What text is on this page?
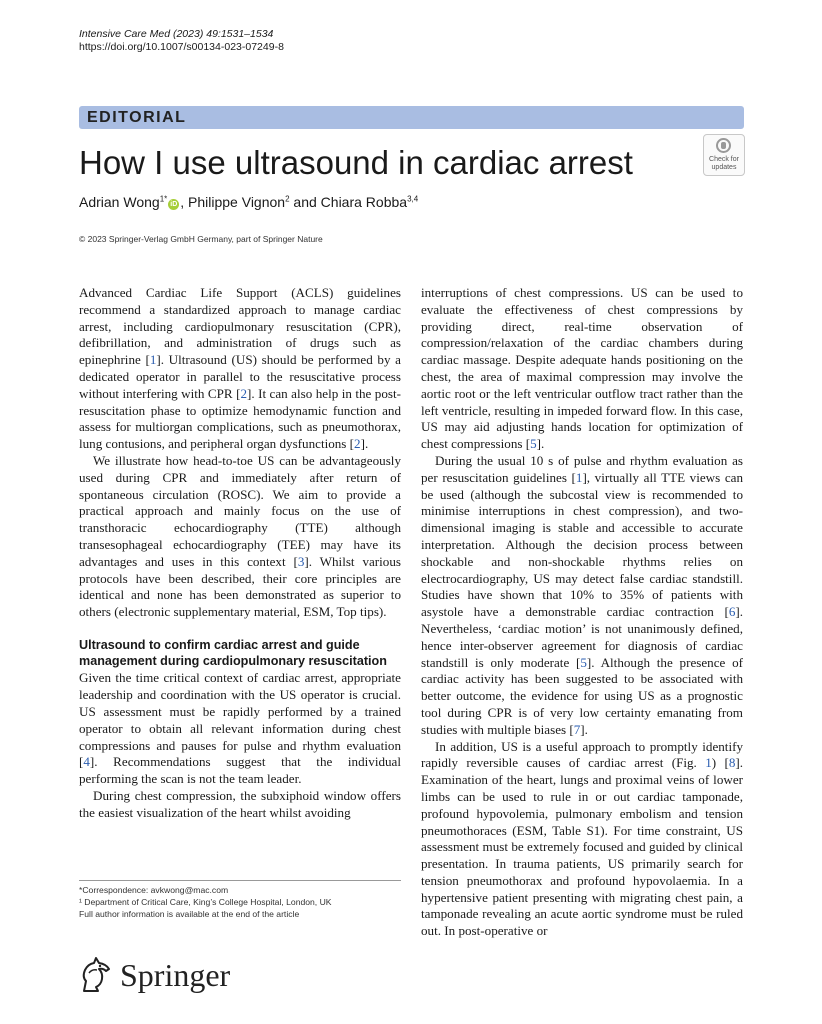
Intensive Care Med (2023) 49:1531–1534
https://doi.org/10.1007/s00134-023-07249-8
EDITORIAL
How I use ultrasound in cardiac arrest	Check for
updates
Adrian Wong$^{1*}$iD , Philippe Vignon$^2$ and Chiara Robba$^{3,4}$
© 2023 Springer-Verlag GmbH Germany, part of Springer Nature

Advanced Cardiac Life Support (ACLS) guidelines recommend a standardized approach to manage cardiac arrest, including cardiopulmonary resuscitation (CPR), defibrillation, and administration of drugs such as epinephrine [1]. Ultrasound (US) should be performed by a dedicated operator in parallel to the resuscitative process without interfering with CPR [2]. It can also help in the post-resuscitation phase to optimize hemodynamic function and assess for multiorgan complications, such as pneumothorax, lung contusions, and peripheral organ dysfunctions [2].

We illustrate how head-to-toe US can be advantageously used during CPR and immediately after return of spontaneous circulation (ROSC). We aim to provide a practical approach and mainly focus on the use of transthoracic echocardiography (TTE) although transesophageal echocardiography (TEE) may have its advantages and uses in this context [3]. Whilst various protocols have been described, their core principles are identical and none has been demonstrated as superior to others (electronic supplementary material, ESM, Top tips).

Ultrasound to confirm cardiac arrest and guide management during cardiopulmonary resuscitation

Given the time critical context of cardiac arrest, appropriate leadership and coordination with the US operator is crucial. US assessment must be rapidly performed by a trained operator to obtain all relevant information during chest compressions and pauses for pulse and rhythm evaluation [4]. Recommendations suggest that the individual performing the scan is not the team leader.

During chest compression, the subxiphoid window offers the easiest visualization of the heart whilst avoiding

interruptions of chest compressions. US can be used to evaluate the effectiveness of chest compressions by providing direct, real-time observation of compression/relaxation of the cardiac chambers during cardiac massage. Despite adequate hands positioning on the chest, the area of maximal compression may involve the aortic root or the left ventricular outflow tract rather than the left ventricle, resulting in impeded forward flow. In this case, US may aid adjusting hands location for optimization of chest compressions [5].

During the usual 10 s of pulse and rhythm evaluation as per resuscitation guidelines [1], virtually all TTE views can be used (although the subcostal view is recommended to minimise interruptions in chest compression), and two-dimensional imaging is stable and accessible to accurate interpretation. Although the decision process between shockable and non-shockable rhythms relies on electrocardiography, US may detect false cardiac standstill. Studies have shown that 10% to 35% of patients with asystole have a demonstrable cardiac contraction [6]. Nevertheless, ‘cardiac motion’ is not unanimously defined, hence inter-observer agreement for diagnosis of cardiac standstill is only moderate [5]. Although the presence of cardiac activity has been suggested to be associated with better outcome, the evidence for using US as a prognostic tool during CPR is of very low certainty emanating from studies with multiple biases [7].

In addition, US is a useful approach to promptly identify rapidly reversible causes of cardiac arrest (Fig. 1) [8]. Examination of the heart, lungs and proximal veins of lower limbs can be used to rule in or out cardiac tamponade, profound hypovolemia, pulmonary embolism and tension pneumothoraces (ESM, Table S1). For time constraint, US assessment must be extremely focused and guided by clinical presentation. In trauma patients, US primarily search for tension pneumothorax and profound hypovolaemia. In a hypertensive patient presenting with migrating chest pain, a tamponade revealing an acute aortic syndrome must be ruled out. In post-operative or

*Correspondence: avkwong@mac.com
¹ Department of Critical Care, King’s College Hospital, London, UK
Full author information is available at the end of the article
Springer
